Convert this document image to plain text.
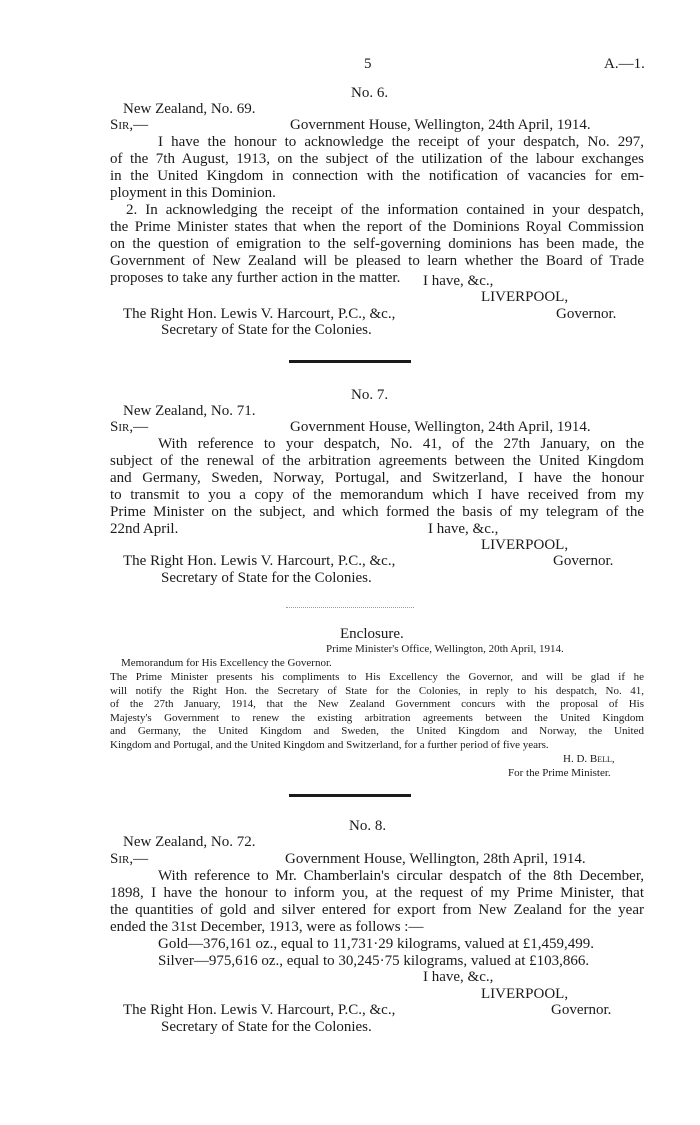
5	A.—1.
No. 6.
New Zealand, No. 69.
Sir,—	Government House, Wellington, 24th April, 1914.
I have the honour to acknowledge the receipt of your despatch, No. 297,
of the 7th August, 1913, on the subject of the utilization of the labour exchanges
in the United Kingdom in connection with the notification of vacancies for em-
ployment in this Dominion.
2. In acknowledging the receipt of the information contained in your despatch,
the Prime Minister states that when the report of the Dominions Royal Commission
on the question of emigration to the self-governing dominions has been made, the
Government of New Zealand will be pleased to learn whether the Board of Trade
proposes to take any further action in the matter.	I have, &c.,
LIVERPOOL,
The Right Hon. Lewis V. Harcourt, P.C., &c.,	Governor.
Secretary of State for the Colonies.
No. 7.
New Zealand, No. 71.
Sir,—	Government House, Wellington, 24th April, 1914.
With reference to your despatch, No. 41, of the 27th January, on the
subject of the renewal of the arbitration agreements between the United Kingdom
and Germany, Sweden, Norway, Portugal, and Switzerland, I have the honour
to transmit to you a copy of the memorandum which I have received from my
Prime Minister on the subject, and which formed the basis of my telegram of the
22nd April.	I have, &c.,
LIVERPOOL,
The Right Hon. Lewis V. Harcourt, P.C., &c.,	Governor.
Secretary of State for the Colonies.
Enclosure.
Prime Minister's Office, Wellington, 20th April, 1914.
Memorandum for His Excellency the Governor.
The Prime Minister presents his compliments to His Excellency the Governor, and will be glad if he
will notify the Right Hon. the Secretary of State for the Colonies, in reply to his despatch, No. 41,
of the 27th January, 1914, that the New Zealand Government concurs with the proposal of His
Majesty's Government to renew the existing arbitration agreements between the United Kingdom
and Germany, the United Kingdom and Sweden, the United Kingdom and Norway, the United
Kingdom and Portugal, and the United Kingdom and Switzerland, for a further period of five years.
H. D. Bell,
For the Prime Minister.
No. 8.
New Zealand, No. 72.
Sir,—	Government House, Wellington, 28th April, 1914.
With reference to Mr. Chamberlain's circular despatch of the 8th December,
1898, I have the honour to inform you, at the request of my Prime Minister, that
the quantities of gold and silver entered for export from New Zealand for the year
ended the 31st December, 1913, were as follows :—
Gold—376,161 oz., equal to 11,731·29 kilograms, valued at £1,459,499.
Silver—975,616 oz., equal to 30,245·75 kilograms, valued at £103,866.
I have, &c.,
LIVERPOOL,
The Right Hon. Lewis V. Harcourt, P.C., &c.,	Governor.
Secretary of State for the Colonies.
